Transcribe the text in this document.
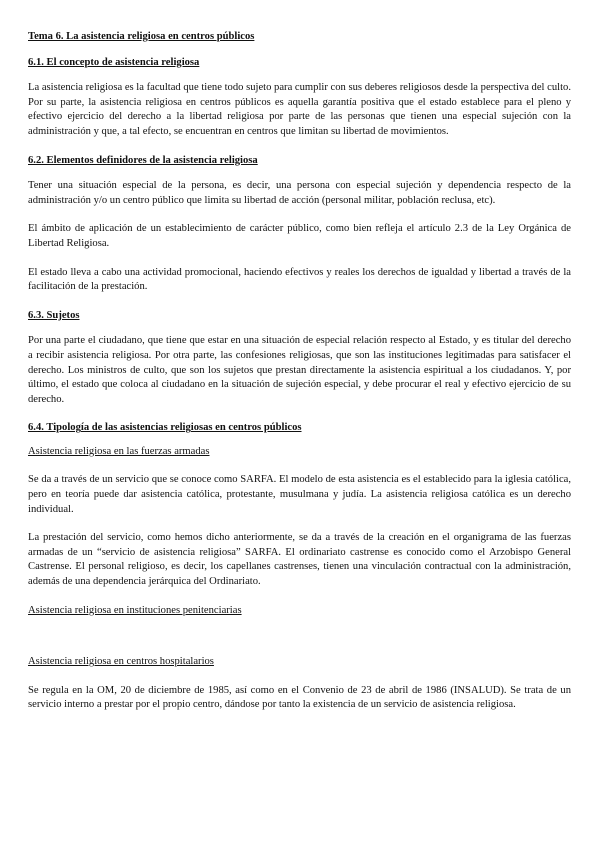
Tema 6. La asistencia religiosa en centros públicos
6.1. El concepto de asistencia religiosa

La asistencia religiosa es la facultad que tiene todo sujeto para cumplir con sus deberes religiosos desde la perspectiva del culto. Por su parte, la asistencia religiosa en centros públicos es aquella garantía positiva que el estado establece para el pleno y efectivo ejercicio del derecho a la libertad religiosa por parte de las personas que tienen una especial sujeción con la administración y que, a tal efecto, se encuentran en centros que limitan su libertad de movimientos.

6.2. Elementos definidores de la asistencia religiosa

Tener una situación especial de la persona, es decir, una persona con especial sujeción y dependencia respecto de la administración y/o un centro público que limita su libertad de acción (personal militar, población reclusa, etc).

El ámbito de aplicación de un establecimiento de carácter público, como bien refleja el artículo 2.3 de la Ley Orgánica de Libertad Religiosa.

El estado lleva a cabo una actividad promocional, haciendo efectivos y reales los derechos de igualdad y libertad a través de la facilitación de la prestación.

6.3. Sujetos

Por una parte el ciudadano, que tiene que estar en una situación de especial relación respecto al Estado, y es titular del derecho a recibir asistencia religiosa. Por otra parte, las confesiones religiosas, que son las instituciones legitimadas para satisfacer el derecho. Los ministros de culto, que son los sujetos que prestan directamente la asistencia espiritual a los ciudadanos. Y, por último, el estado que coloca al ciudadano en la situación de sujeción especial, y debe procurar el real y efectivo ejercicio de su derecho.

6.4. Tipología de las asistencias religiosas en centros públicos
Asistencia religiosa en las fuerzas armadas

Se da a través de un servicio que se conoce como SARFA. El modelo de esta asistencia es el establecido para la iglesia católica, pero en teoría puede dar asistencia católica, protestante, musulmana y judía. La asistencia religiosa católica es un derecho individual.

La prestación del servicio, como hemos dicho anteriormente, se da a través de la creación en el organigrama de las fuerzas armadas de un “servicio de asistencia religiosa” SARFA. El ordinariato castrense es conocido como el Arzobispo General Castrense. El personal religioso, es decir, los capellanes castrenses, tienen una vinculación contractual con la administración, además de una dependencia jerárquica del Ordinariato.

Asistencia religiosa en instituciones penitenciarias
Asistencia religiosa en centros hospitalarios

Se regula en la OM, 20 de diciembre de 1985, así como en el Convenio de 23 de abril de 1986 (INSALUD). Se trata de un servicio interno a prestar por el propio centro, dándose por tanto la existencia de un servicio de asistencia religiosa.
